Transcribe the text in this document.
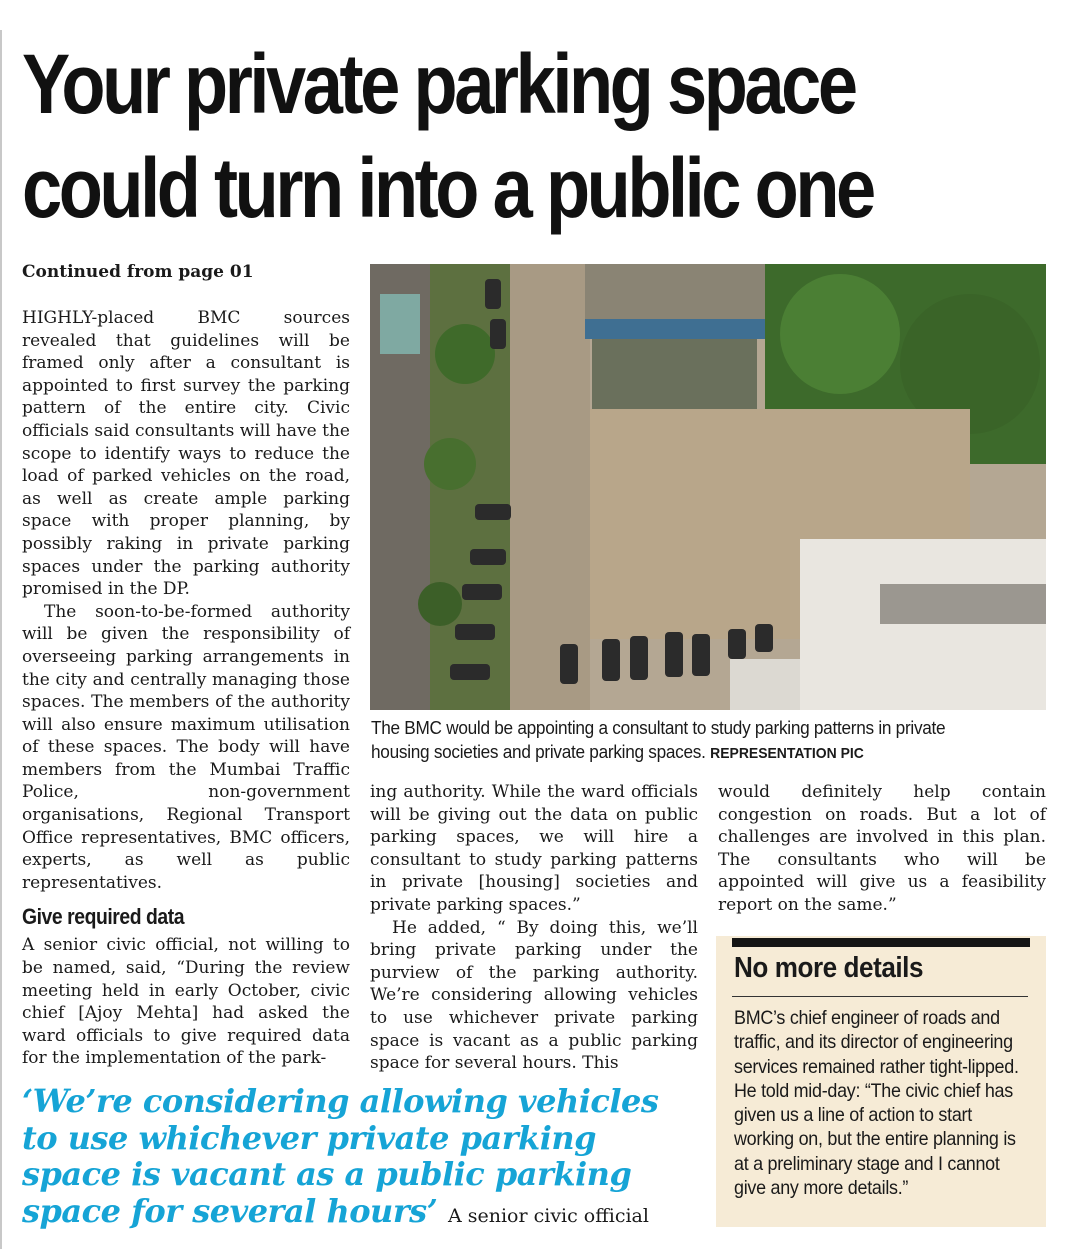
Your private parking space
could turn into a public one

Continued from page 01

HIGHLY-placed BMC sources revealed that guidelines will be framed only after a consultant is appointed to first survey the parking pattern of the entire city. Civic officials said consultants will have the scope to identify ways to reduce the load of parked vehicles on the road, as well as create ample parking space with proper planning, by possibly raking in private parking spaces under the parking authority promised in the DP.

The soon-to-be-formed authority will be given the responsibility of overseeing parking arrangements in the city and centrally managing those spaces. The members of the authority will also ensure maximum utilisation of these spaces. The body will have members from the Mumbai Traffic Police, non-government organisations, Regional Transport Office representatives, BMC officers, experts, as well as public representatives.

Give required data

A senior civic official, not willing to be named, said, “During the review meeting held in early October, civic chief [Ajoy Mehta] had asked the ward officials to give required data for the implementation of the park-

The BMC would be appointing a consultant to study parking patterns in private housing societies and private parking spaces. REPRESENTATION PIC

ing authority. While the ward officials will be giving out the data on public parking spaces, we will hire a consultant to study parking patterns in private [housing] societies and private parking spaces.”

He added, “ By doing this, we’ll bring private parking under the purview of the parking authority. We’re considering allowing vehicles to use whichever private parking space is vacant as a public parking space for several hours. This

would definitely help contain congestion on roads. But a lot of challenges are involved in this plan. The consultants who will be appointed will give us a feasibility report on the same.”

‘We’re considering allowing vehicles to use whichever private parking space is vacant as a public parking space for several hours’ A senior civic official

No more details

BMC’s chief engineer of roads and traffic, and its director of engineering services remained rather tight-lipped. He told mid-day: “The civic chief has given us a line of action to start working on, but the entire planning is at a preliminary stage and I cannot give any more details.”
